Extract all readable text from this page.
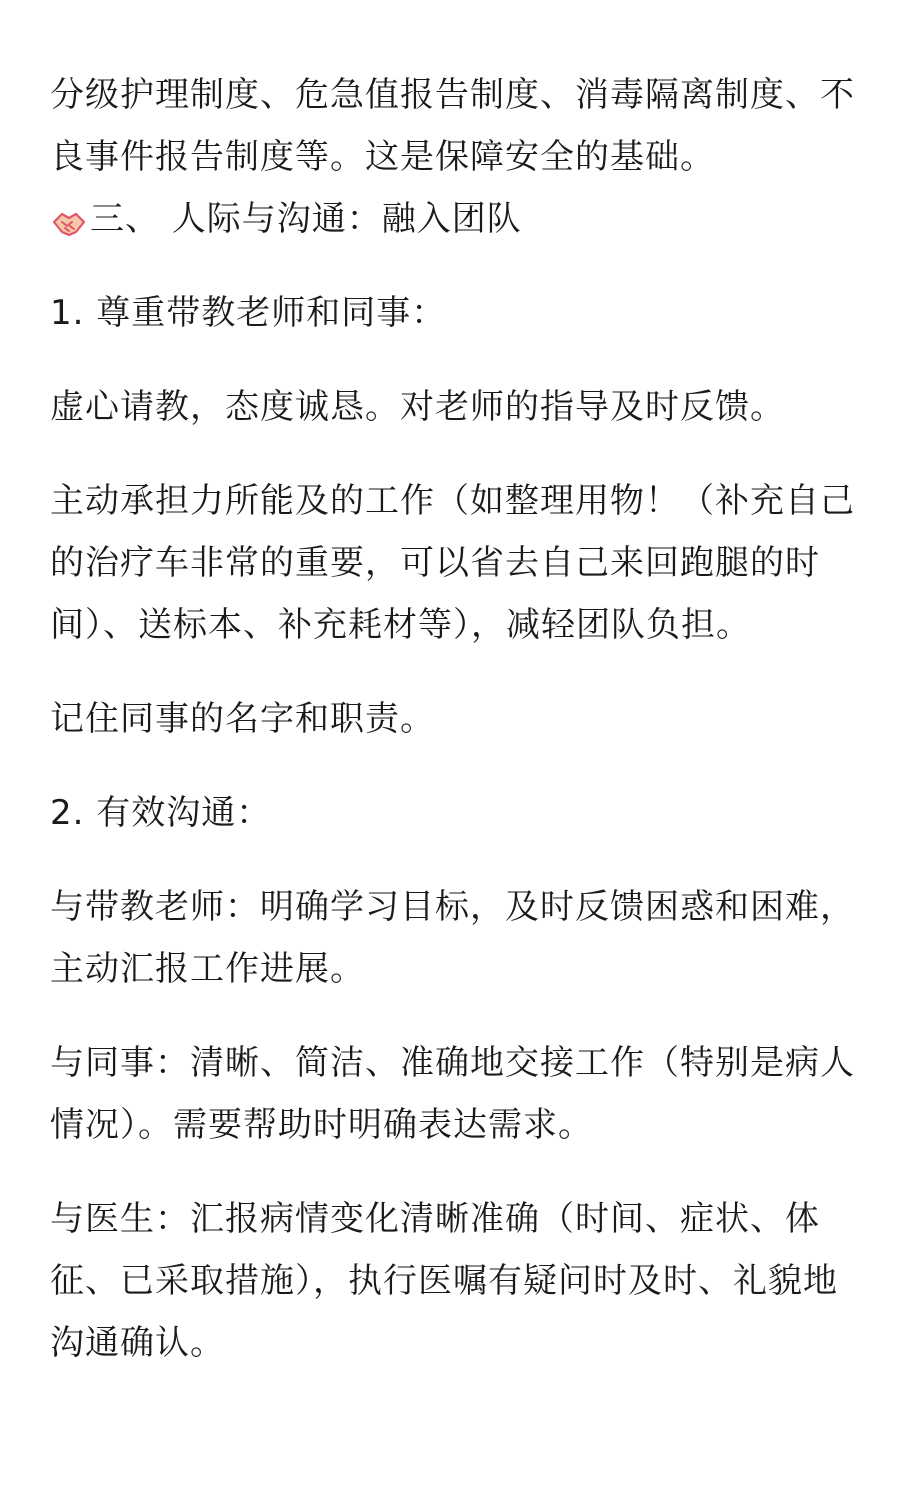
分级护理制度、危急值报告制度、消毒隔离制度、不良事件报告制度等。这是保障安全的基础。

三、 人际与沟通：融入团队

1. 尊重带教老师和同事：

虚心请教，态度诚恳。对老师的指导及时反馈。

主动承担力所能及的工作（如整理用物！（补充自己的治疗车非常的重要，可以省去自己来回跑腿的时间）、送标本、补充耗材等），减轻团队负担。

记住同事的名字和职责。

2. 有效沟通：

与带教老师：明确学习目标，及时反馈困惑和困难，主动汇报工作进展。

与同事：清晰、简洁、准确地交接工作（特别是病人情况）。需要帮助时明确表达需求。

与医生：汇报病情变化清晰准确（时间、症状、体征、已采取措施），执行医嘱有疑问时及时、礼貌地沟通确认。
